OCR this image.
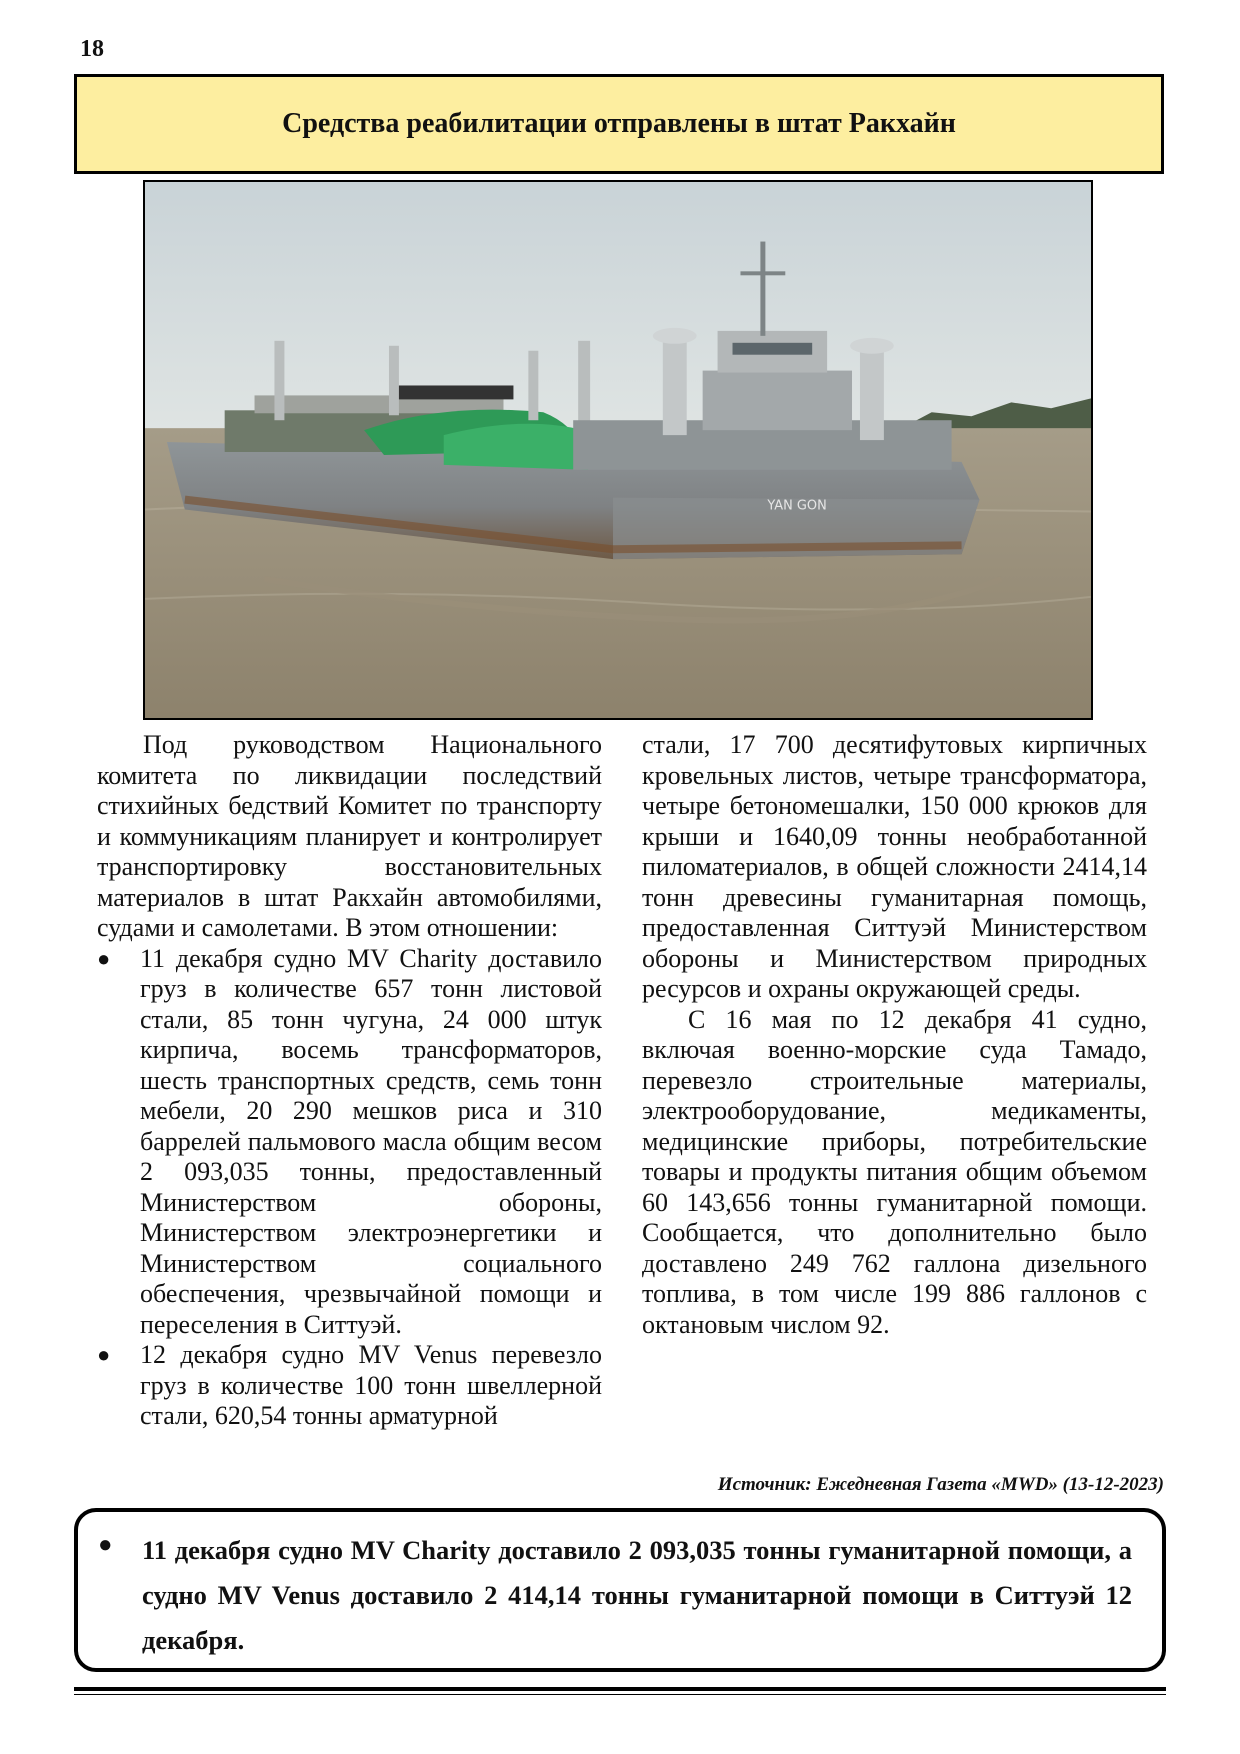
18
Средства реабилитации отправлены в штат Ракхайн
YAN GON

Под руководством Национального комитета по ликвидации последствий стихийных бедствий Комитет по транспорту и коммуникациям планирует и контролирует транспортировку восстановительных материалов в штат Ракхайн автомобилями, судами и самолетами. В этом отношении:

● 11 декабря судно MV Charity доставило груз в количестве 657 тонн листовой стали, 85 тонн чугуна, 24 000 штук кирпича, восемь трансформаторов, шесть транспортных средств, семь тонн мебели, 20 290 мешков риса и 310 баррелей пальмового масла общим весом 2 093,035 тонны, предоставленный Министерством обороны, Министерством электроэнергетики и Министерством социального обеспечения, чрезвычайной помощи и переселения в Ситтуэй.
● 12 декабря судно MV Venus перевезло груз в количестве 100 тонн швеллерной стали, 620,54 тонны арматурной

стали, 17 700 десятифутовых кирпичных кровельных листов, четыре трансформатора, четыре бетономешалки, 150 000 крюков для крыши и 1640,09 тонны необработанной пиломатериалов, в общей сложности 2414,14 тонн древесины гуманитарная помощь, предоставленная Ситтуэй Министерством обороны и Министерством природных ресурсов и охраны окружающей среды.

С 16 мая по 12 декабря 41 судно, включая военно-морские суда Тамадо, перевезло строительные материалы, электрооборудование, медикаменты, медицинские приборы, потребительские товары и продукты питания общим объемом 60 143,656 тонны гуманитарной помощи. Сообщается, что дополнительно было доставлено 249 762 галлона дизельного топлива, в том числе 199 886 галлонов с октановым числом 92.

Источник: Ежедневная Газета «MWD» (13-12-2023)
● 11 декабря судно MV Charity доставило 2 093,035 тонны гуманитарной помощи, а судно MV Venus доставило 2 414,14 тонны гуманитарной помощи в Ситтуэй 12 декабря.
